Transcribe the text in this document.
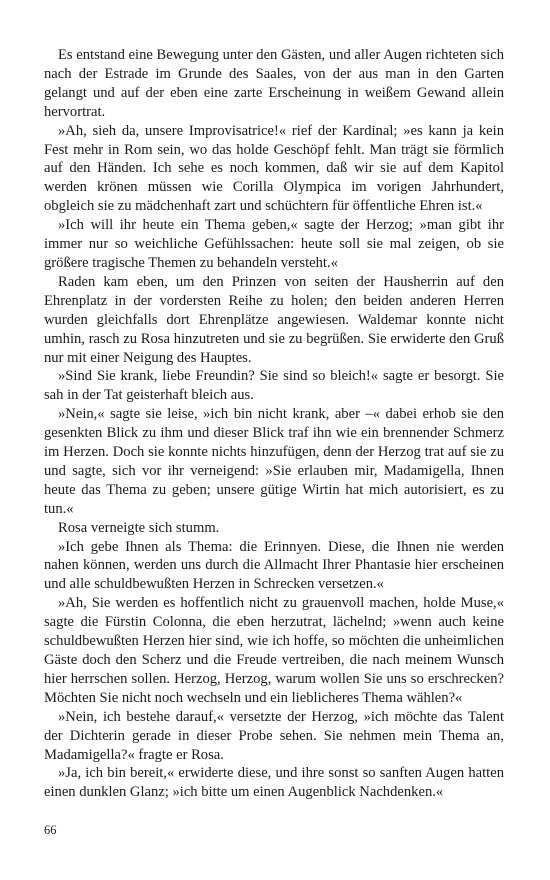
Es entstand eine Bewegung unter den Gästen, und aller Augen richteten sich nach der Estrade im Grunde des Saales, von der aus man in den Garten gelangt und auf der eben eine zarte Erscheinung in weißem Gewand allein hervortrat.

»Ah, sieh da, unsere Improvisatrice!« rief der Kardinal; »es kann ja kein Fest mehr in Rom sein, wo das holde Geschöpf fehlt. Man trägt sie förmlich auf den Händen. Ich sehe es noch kommen, daß wir sie auf dem Kapitol werden krönen müssen wie Corilla Olympica im vorigen Jahrhundert, obgleich sie zu mädchenhaft zart und schüchtern für öffentliche Ehren ist.«

»Ich will ihr heute ein Thema geben,« sagte der Herzog; »man gibt ihr immer nur so weichliche Gefühlssachen: heute soll sie mal zeigen, ob sie größere tragische Themen zu behandeln versteht.«

Raden kam eben, um den Prinzen von seiten der Hausherrin auf den Ehrenplatz in der vordersten Reihe zu holen; den beiden anderen Herren wurden gleichfalls dort Ehrenplätze angewiesen. Waldemar konnte nicht umhin, rasch zu Rosa hinzutreten und sie zu begrüßen. Sie erwiderte den Gruß nur mit einer Neigung des Hauptes.

»Sind Sie krank, liebe Freundin? Sie sind so bleich!« sagte er besorgt. Sie sah in der Tat geisterhaft bleich aus.

»Nein,« sagte sie leise, »ich bin nicht krank, aber –« dabei erhob sie den gesenkten Blick zu ihm und dieser Blick traf ihn wie ein brennender Schmerz im Herzen. Doch sie konnte nichts hinzufügen, denn der Herzog trat auf sie zu und sagte, sich vor ihr verneigend: »Sie erlauben mir, Madamigella, Ihnen heute das Thema zu geben; unsere gütige Wirtin hat mich autorisiert, es zu tun.«

Rosa verneigte sich stumm.

»Ich gebe Ihnen als Thema: die Erinnyen. Diese, die Ihnen nie werden nahen können, werden uns durch die Allmacht Ihrer Phantasie hier erscheinen und alle schuldbewußten Herzen in Schrecken versetzen.«

»Ah, Sie werden es hoffentlich nicht zu grauenvoll machen, holde Muse,« sagte die Fürstin Colonna, die eben herzutrat, lächelnd; »wenn auch keine schuldbewußten Herzen hier sind, wie ich hoffe, so möchten die unheimlichen Gäste doch den Scherz und die Freude vertreiben, die nach meinem Wunsch hier herrschen sollen. Herzog, Herzog, warum wollen Sie uns so erschrecken? Möchten Sie nicht noch wechseln und ein lieblicheres Thema wählen?«

»Nein, ich bestehe darauf,« versetzte der Herzog, »ich möchte das Talent der Dichterin gerade in dieser Probe sehen. Sie nehmen mein Thema an, Madamigella?« fragte er Rosa.

»Ja, ich bin bereit,« erwiderte diese, und ihre sonst so sanften Augen hatten einen dunklen Glanz; »ich bitte um einen Augenblick Nachdenken.«

66
